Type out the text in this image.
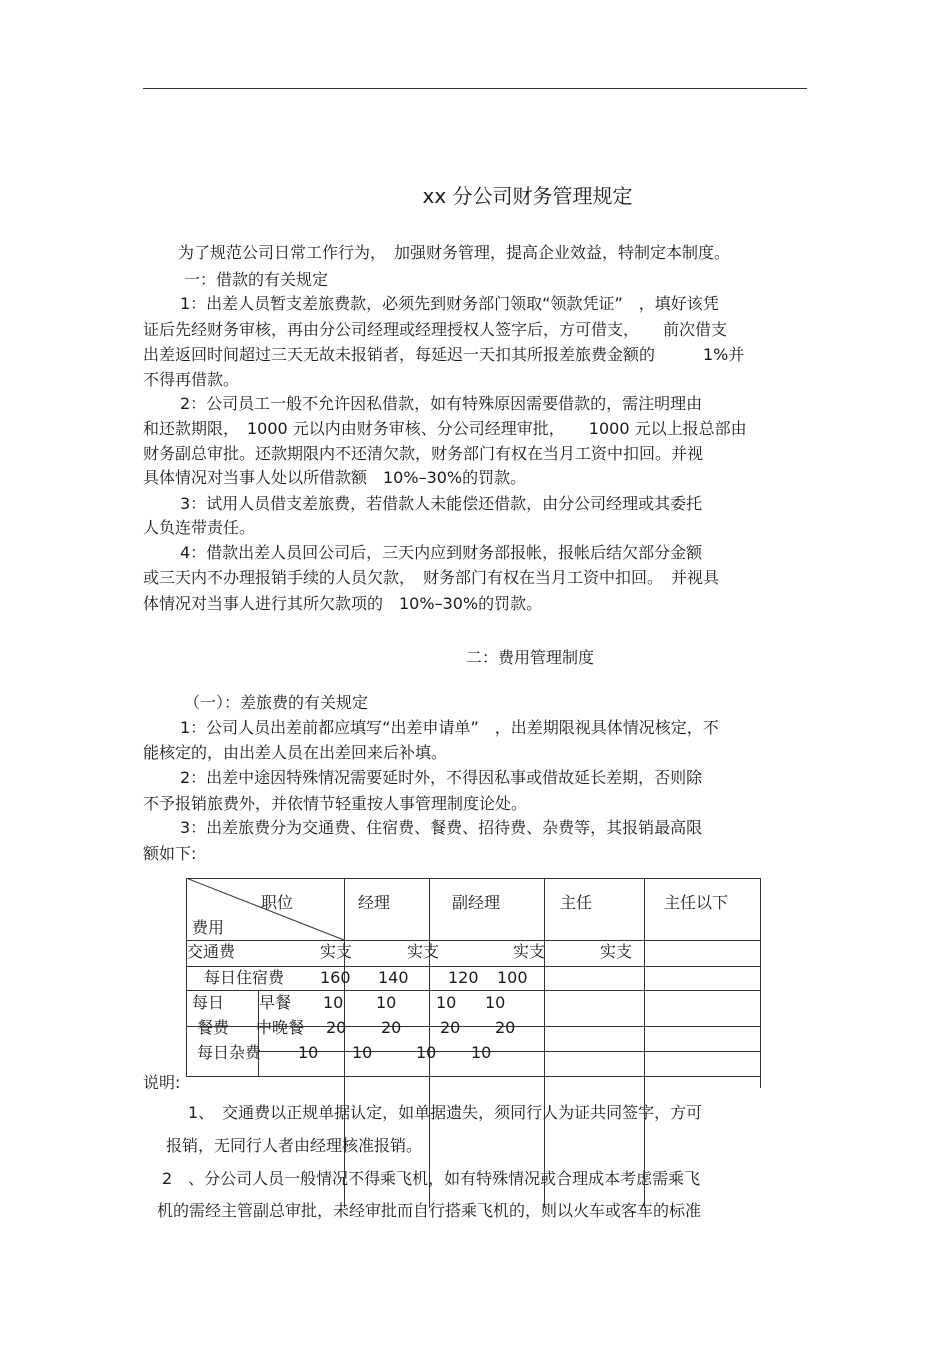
xx 分公司财务管理规定
为了规范公司日常工作行为，　加强财务管理，提高企业效益，特制定本制度。
一：借款的有关规定
1：出差人员暂支差旅费款，必须先到财务部门领取“领款凭证”　，填好该凭
证后先经财务审核，再由分公司经理或经理授权人签字后，方可借支，　　前次借支
出差返回时间超过三天无故未报销者，每延迟一天扣其所报差旅费金额的　　　1%并
不得再借款。
2：公司员工一般不允许因私借款，如有特殊原因需要借款的，需注明理由
和还款期限，　1000 元以内由财务审核、分公司经理审批，　　1000 元以上报总部由
财务副总审批。还款期限内不还清欠款，财务部门有权在当月工资中扣回。并视
具体情况对当事人处以所借款额　10%–30%的罚款。
3：试用人员借支差旅费，若借款人未能偿还借款，由分公司经理或其委托
人负连带责任。
4：借款出差人员回公司后，三天内应到财务部报帐，报帐后结欠部分金额
或三天内不办理报销手续的人员欠款，　财务部门有权在当月工资中扣回。　并视具
体情况对当事人进行其所欠款项的　10%–30%的罚款。
二：费用管理制度
（一）：差旅费的有关规定
1：公司人员出差前都应填写“出差申请单”　，出差期限视具体情况核定，不
能核定的，由出差人员在出差回来后补填。
2：出差中途因特殊情况需要延时外，不得因私事或借故延长差期，否则除
不予报销旅费外，并依情节轻重按人事管理制度论处。
3：出差旅费分为交通费、住宿费、餐费、招待费、杂费等，其报销最高限
额如下:
职位
费用
经理	副经理	主任	主任以下
交通费	实支	实支	实支	实支
每日住宿费 160 140 120 100
每日
餐费
早餐 10 10 10 10
中晚餐 20 20 20 20
每日杂费 10 10	10 10
说明:
1、　交通费以正规单据认定，如单据遗失，须同行人为证共同签字，方可
报销，无同行人者由经理核准报销。
2　、分公司人员一般情况不得乘飞机，如有特殊情况或合理成本考虑需乘飞
机的需经主管副总审批，未经审批而自行搭乘飞机的，则以火车或客车的标准
